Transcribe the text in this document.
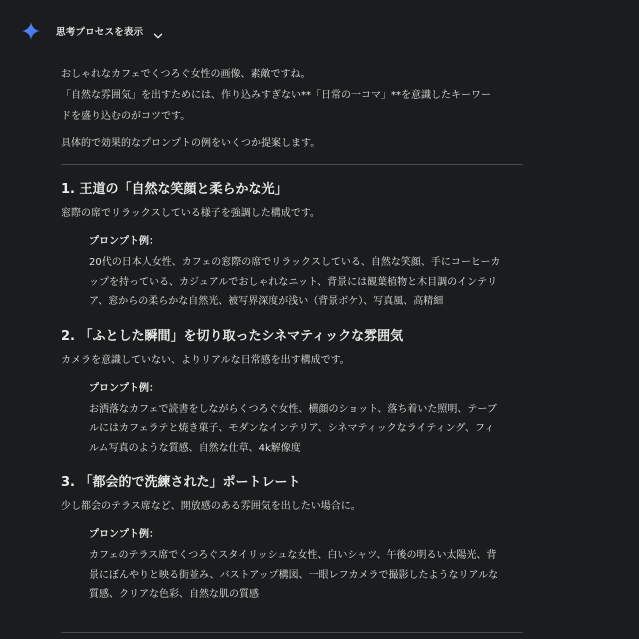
思考プロセスを表示

おしゃれなカフェでくつろぐ女性の画像、素敵ですね。

「自然な雰囲気」を出すためには、作り込みすぎない**「日常の一コマ」**を意識したキーワー

ドを盛り込むのがコツです。

具体的で効果的なプロンプトの例をいくつか提案します。

1. 王道の「自然な笑顔と柔らかな光」

窓際の席でリラックスしている様子を強調した構成です。

プロンプト例：

20代の日本人女性、カフェの窓際の席でリラックスしている、自然な笑顔、手にコーヒーカップを持っている、カジュアルでおしゃれなニット、背景には観葉植物と木目調のインテリア、窓からの柔らかな自然光、被写界深度が浅い（背景ボケ）、写真風、高精細

2. 「ふとした瞬間」を切り取ったシネマティックな雰囲気

カメラを意識していない、よりリアルな日常感を出す構成です。

プロンプト例：

お洒落なカフェで読書をしながらくつろぐ女性、横顔のショット、落ち着いた照明、テーブルにはカフェラテと焼き菓子、モダンなインテリア、シネマティックなライティング、フィルム写真のような質感、自然な仕草、4k解像度

3. 「都会的で洗練された」ポートレート

少し都会のテラス席など、開放感のある雰囲気を出したい場合に。

プロンプト例：

カフェのテラス席でくつろぐスタイリッシュな女性、白いシャツ、午後の明るい太陽光、背景にぼんやりと映る街並み、バストアップ構図、一眼レフカメラで撮影したようなリアルな質感、クリアな色彩、自然な肌の質感
